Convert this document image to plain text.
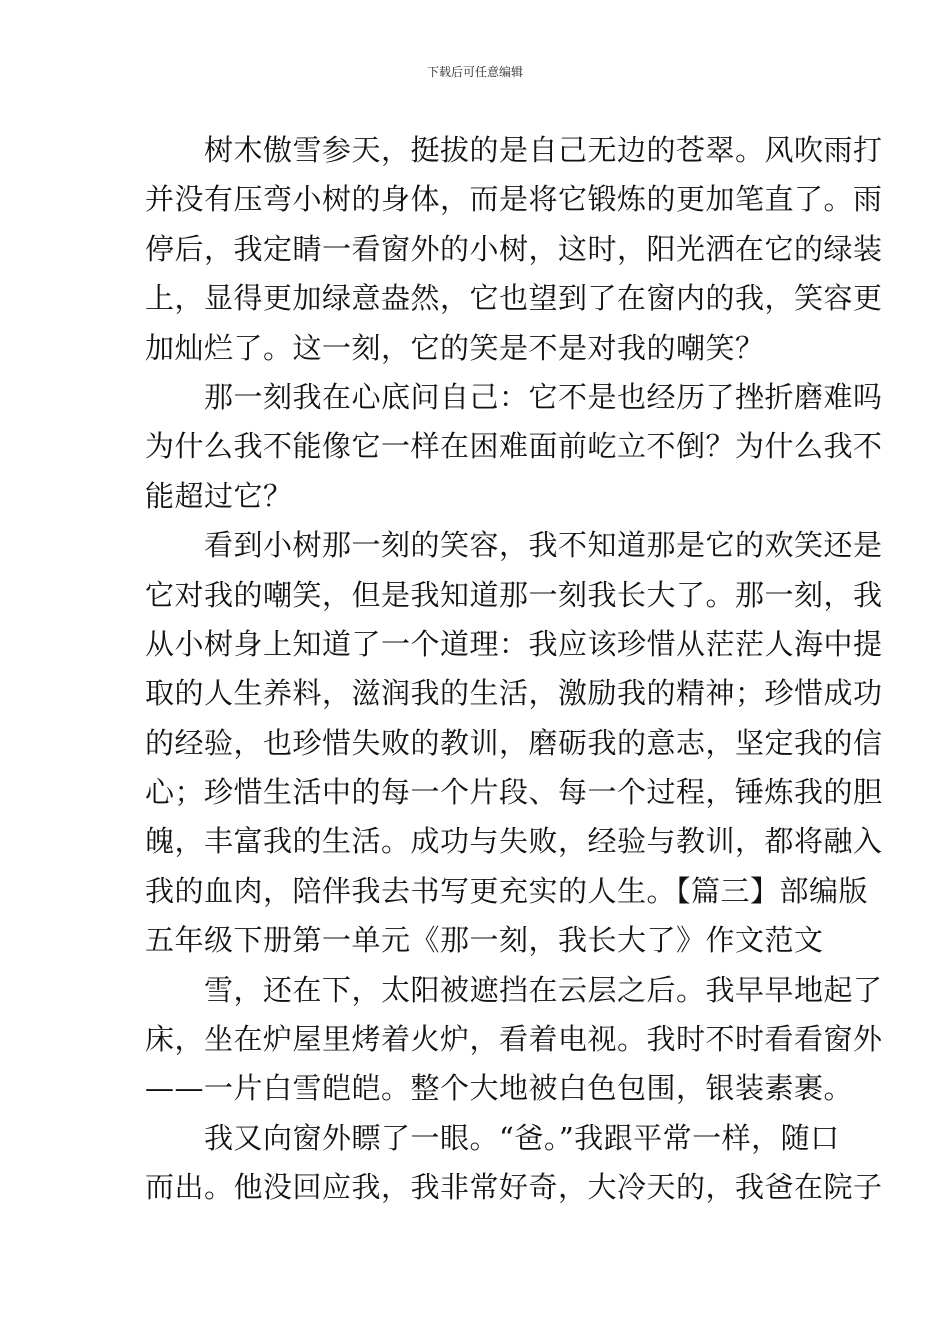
下载后可任意编辑
　　树木傲雪参天，挺拔的是自己无边的苍翠。风吹雨打
并没有压弯小树的身体，而是将它锻炼的更加笔直了。雨
停后，我定睛一看窗外的小树，这时，阳光洒在它的绿装
上，显得更加绿意盎然，它也望到了在窗内的我，笑容更
加灿烂了。这一刻，它的笑是不是对我的嘲笑？
　　那一刻我在心底问自己：它不是也经历了挫折磨难吗
为什么我不能像它一样在困难面前屹立不倒？为什么我不
能超过它？
　　看到小树那一刻的笑容，我不知道那是它的欢笑还是
它对我的嘲笑，但是我知道那一刻我长大了。那一刻，我
从小树身上知道了一个道理：我应该珍惜从茫茫人海中提
取的人生养料，滋润我的生活，激励我的精神；珍惜成功
的经验，也珍惜失败的教训，磨砺我的意志，坚定我的信
心；珍惜生活中的每一个片段、每一个过程，锤炼我的胆
魄，丰富我的生活。成功与失败，经验与教训，都将融入
我的血肉，陪伴我去书写更充实的人生。【篇三】部编版
五年级下册第一单元《那一刻，我长大了》作文范文
　　雪，还在下，太阳被遮挡在云层之后。我早早地起了
床，坐在炉屋里烤着火炉，看着电视。我时不时看看窗外
——一片白雪皑皑。整个大地被白色包围，银装素裹。
　　我又向窗外瞟了一眼。“爸。”我跟平常一样，随口
而出。他没回应我，我非常好奇，大冷天的，我爸在院子
